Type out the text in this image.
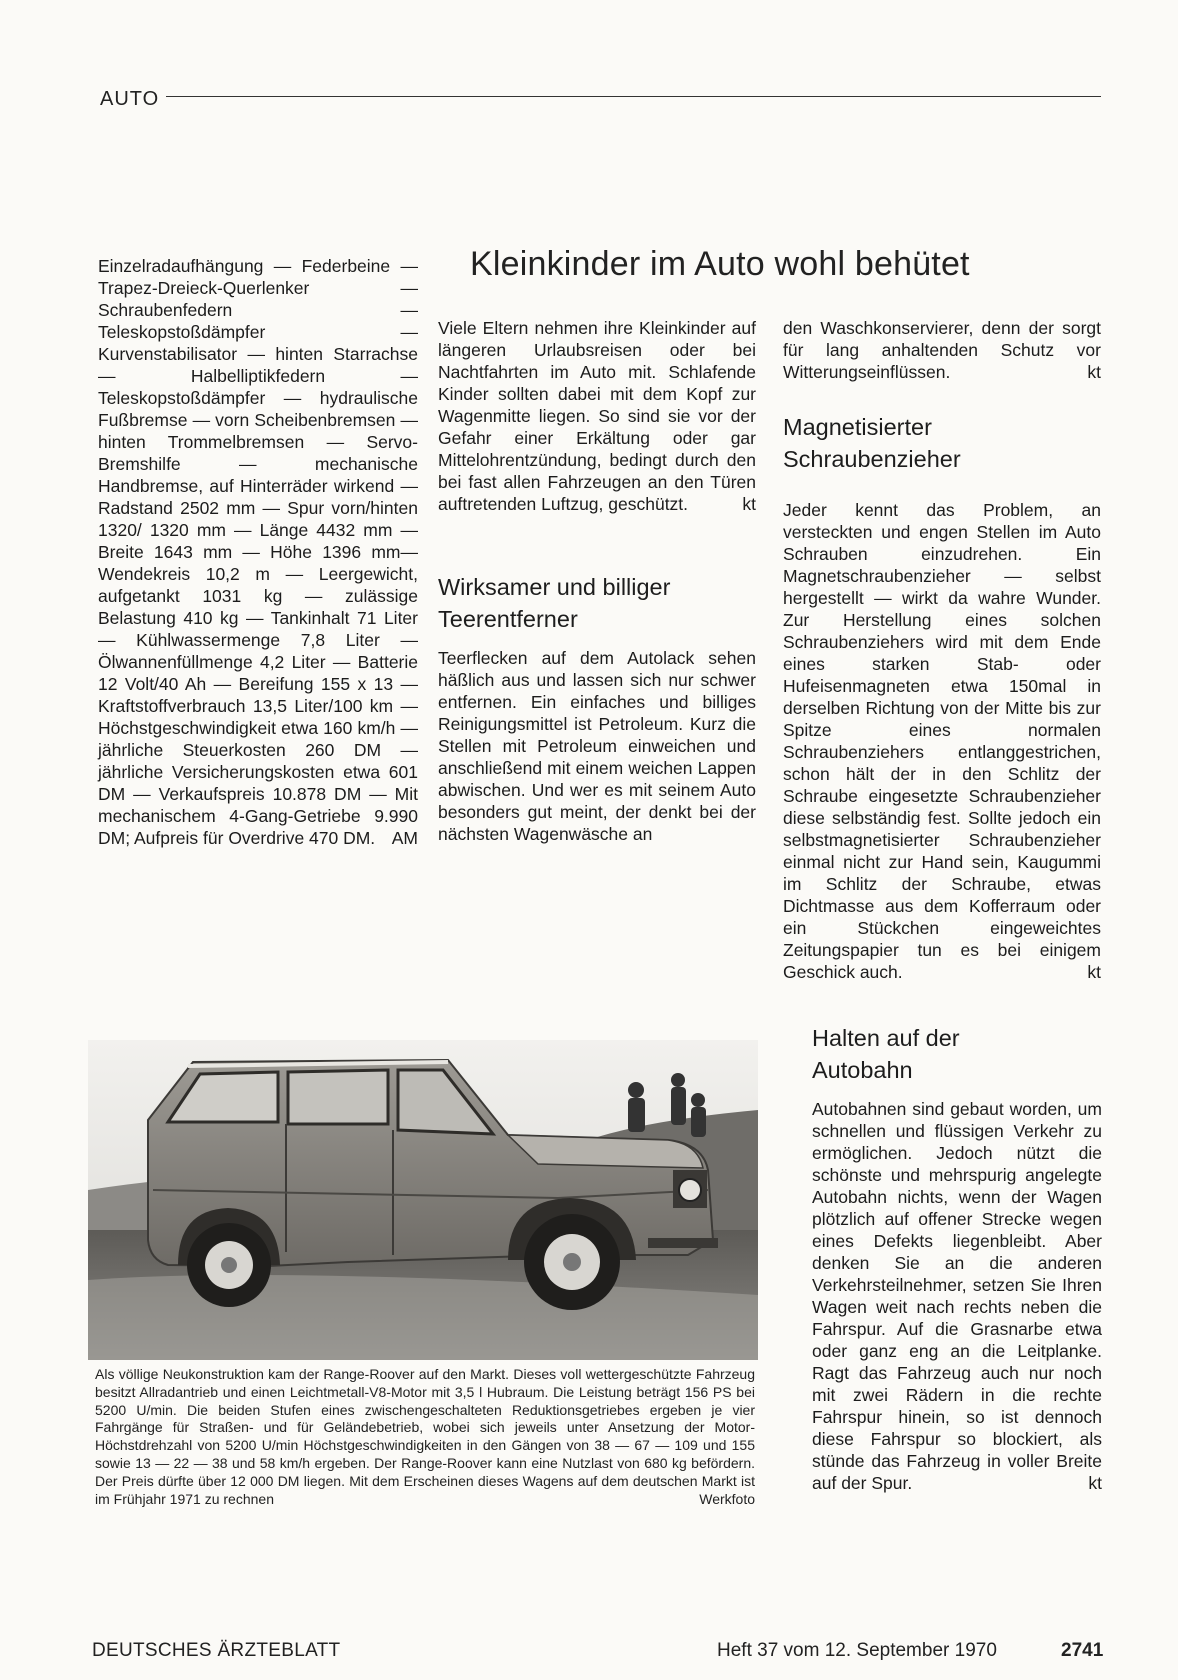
AUTO

Einzelradaufhängung — Federbeine — Trapez-Dreieck-Querlenker — Schraubenfedern — Teleskopstoßdämpfer — Kurvenstabilisator — hinten Starrachse — Halbelliptikfedern — Teleskopstoßdämpfer — hydraulische Fußbremse — vorn Scheibenbremsen — hinten Trommelbremsen — Servo-Bremshilfe — mechanische Handbremse, auf Hinterräder wirkend — Radstand 2502 mm — Spur vorn/hinten 1320/ 1320 mm — Länge 4432 mm — Breite 1643 mm — Höhe 1396 mm— Wendekreis 10,2 m — Leergewicht, aufgetankt 1031 kg — zulässige Belastung 410 kg — Tankinhalt 71 Liter — Kühlwassermenge 7,8 Liter — Ölwannenfüllmenge 4,2 Liter — Batterie 12 Volt/40 Ah — Bereifung 155 x 13 — Kraftstoffverbrauch 13,5 Liter/100 km — Höchstgeschwindigkeit etwa 160 km/h — jährliche Steuerkosten 260 DM — jährliche Versicherungskosten etwa 601 DM — Verkaufspreis 10.878 DM — Mit mechanischem 4-Gang-Getriebe 9.990 DM; Aufpreis für Overdrive 470 DM. AM

Kleinkinder im Auto wohl behütet

Viele Eltern nehmen ihre Kleinkinder auf längeren Urlaubsreisen oder bei Nachtfahrten im Auto mit. Schlafende Kinder sollten dabei mit dem Kopf zur Wagenmitte liegen. So sind sie vor der Gefahr einer Erkältung oder gar Mittelohrentzündung, bedingt durch den bei fast allen Fahrzeugen an den Türen auftretenden Luftzug, geschützt.	kt

Wirksamer und billiger Teerentferner

Teerflecken auf dem Autolack sehen häßlich aus und lassen sich nur schwer entfernen. Ein einfaches und billiges Reinigungsmittel ist Petroleum. Kurz die Stellen mit Petroleum einweichen und anschließend mit einem weichen Lappen abwischen. Und wer es mit seinem Auto besonders gut meint, der denkt bei der nächsten Wagenwäsche an

den Waschkonservierer, denn der sorgt für lang anhaltenden Schutz vor Witterungseinflüssen.	kt

Magnetisierter Schraubenzieher

Jeder kennt das Problem, an versteckten und engen Stellen im Auto Schrauben einzudrehen. Ein Magnetschraubenzieher — selbst hergestellt — wirkt da wahre Wunder. Zur Herstellung eines solchen Schraubenziehers wird mit dem Ende eines starken Stab- oder Hufeisenmagneten etwa 150mal in derselben Richtung von der Mitte bis zur Spitze eines normalen Schraubenziehers entlanggestrichen, schon hält der in den Schlitz der Schraube eingesetzte Schraubenzieher diese selbständig fest. Sollte jedoch ein selbstmagnetisierter Schraubenzieher einmal nicht zur Hand sein, Kaugummi im Schlitz der Schraube, etwas Dichtmasse aus dem Kofferraum oder ein Stückchen eingeweichtes Zeitungspapier tun es bei einigem Geschick auch.	kt

Als völlige Neukonstruktion kam der Range-Roover auf den Markt. Dieses voll wettergeschützte Fahrzeug besitzt Allradantrieb und einen Leichtmetall-V8-Motor mit 3,5 l Hubraum. Die Leistung beträgt 156 PS bei 5200 U/min. Die beiden Stufen eines zwischengeschalteten Reduktionsgetriebes ergeben je vier Fahrgänge für Straßen- und für Geländebetrieb, wobei sich jeweils unter Ansetzung der Motor-Höchstdrehzahl von 5200 U/min Höchstgeschwindigkeiten in den Gängen von 38 — 67 — 109 und 155 sowie 13 — 22 — 38 und 58 km/h ergeben. Der Range-Roover kann eine Nutzlast von 680 kg befördern. Der Preis dürfte über 12 000 DM liegen. Mit dem Erscheinen dieses Wagens auf dem deutschen Markt ist im Frühjahr 1971 zu rechnen	Werkfoto
Halten auf der Autobahn

Autobahnen sind gebaut worden, um schnellen und flüssigen Verkehr zu ermöglichen. Jedoch nützt die schönste und mehrspurig angelegte Autobahn nichts, wenn der Wagen plötzlich auf offener Strecke wegen eines Defekts liegenbleibt. Aber denken Sie an die anderen Verkehrsteilnehmer, setzen Sie Ihren Wagen weit nach rechts neben die Fahrspur. Auf die Grasnarbe etwa oder ganz eng an die Leitplanke. Ragt das Fahrzeug auch nur noch mit zwei Rädern in die rechte Fahrspur hinein, so ist dennoch diese Fahrspur so blockiert, als stünde das Fahrzeug in voller Breite auf der Spur.	kt

DEUTSCHES ÄRZTEBLATT	Heft 37 vom 12. September 1970	2741
